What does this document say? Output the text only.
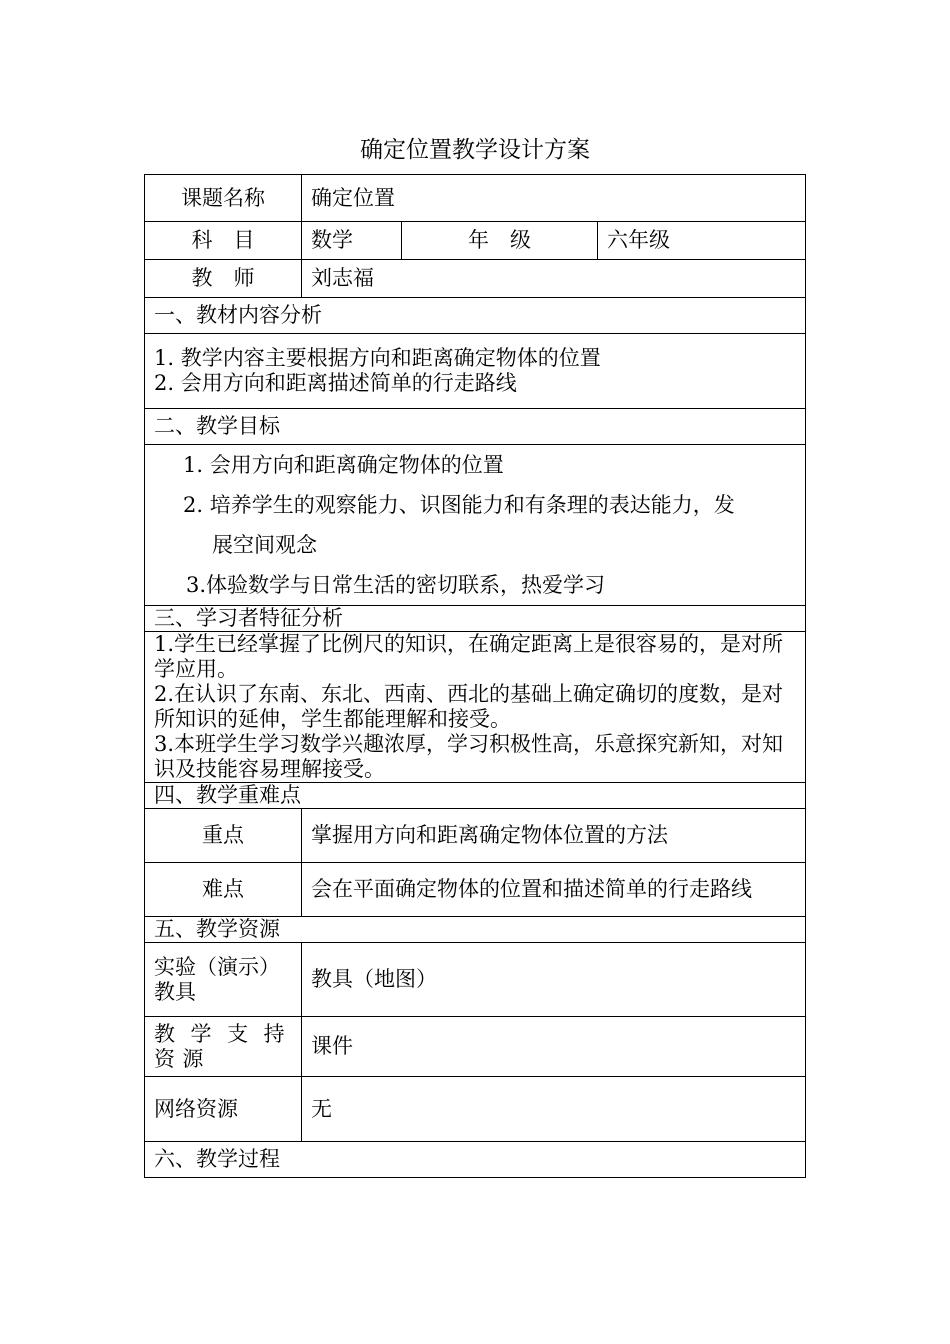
确定位置教学设计方案
课题名称	确定位置		
科　目	数学	年　级	六年级
教　师	刘志福		
一、教材内容分析			

1. 教学内容主要根据方向和距离确定物体的位置
2. 会用方向和距离描述简单的行走路线			

二、教学目标			

1. 会用方向和距离确定物体的位置
2. 培养学生的观察能力、识图能力和有条理的表达能力，发
展空间观念
3.体验数学与日常生活的密切联系，热爱学习			

三、学习者特征分析			

1.学生已经掌握了比例尺的知识，在确定距离上是很容易的，是对所学应用。
2.在认识了东南、东北、西南、西北的基础上确定确切的度数，是对所知识的延伸，学生都能理解和接受。
3.本班学生学习数学兴趣浓厚，学习积极性高，乐意探究新知，对知识及技能容易理解接受。			

四、教学重难点			
重点	掌握用方向和距离确定物体位置的方法		
难点	会在平面确定物体的位置和描述简单的行走路线		
五、教学资源			
实验（演示）教具	教具（地图）		
教学支持资源	课件		
网络资源	无		
六、教学过程			
